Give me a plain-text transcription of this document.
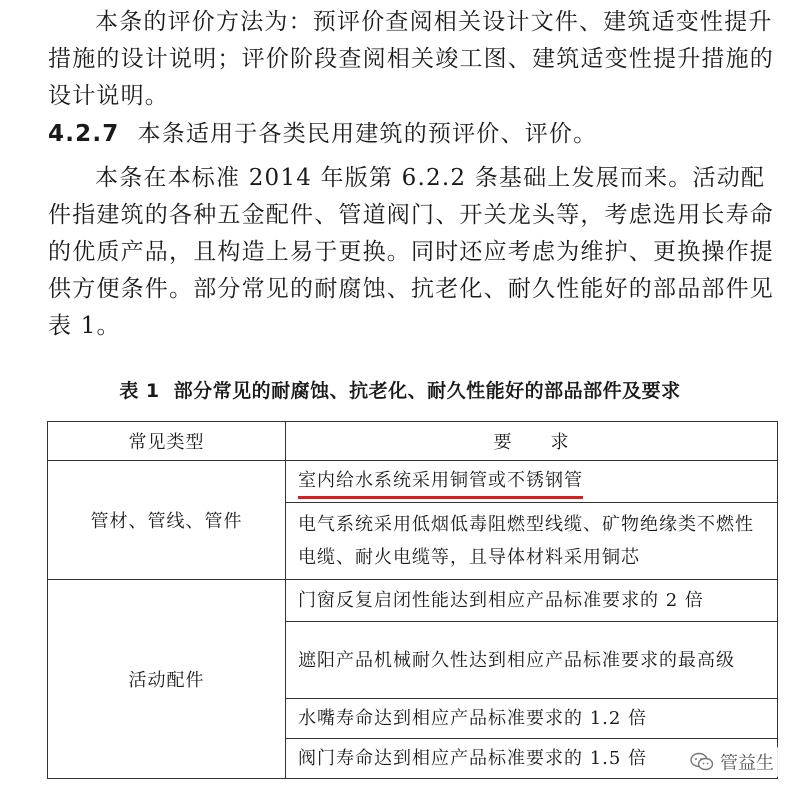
本条的评价方法为：预评价查阅相关设计文件、建筑适变性提升措施的设计说明；评价阶段查阅相关竣工图、建筑适变性提升措施的设计说明。

4.2.7 本条适用于各类民用建筑的预评价、评价。

本条在本标准 2014 年版第 6.2.2 条基础上发展而来。活动配件指建筑的各种五金配件、管道阀门、开关龙头等，考虑选用长寿命的优质产品，且构造上易于更换。同时还应考虑为维护、更换操作提供方便条件。部分常见的耐腐蚀、抗老化、耐久性能好的部品部件见表 1。

表 1 部分常见的耐腐蚀、抗老化、耐久性能好的部品部件及要求
常见类型	要　　求
管材、管线、管件	室内给水系统采用铜管或不锈钢管
	电气系统采用低烟低毒阻燃型线缆、矿物绝缘类不燃性电缆、耐火电缆等，且导体材料采用铜芯
活动配件	门窗反复启闭性能达到相应产品标准要求的 2 倍
	遮阳产品机械耐久性达到相应产品标准要求的最高级
	水嘴寿命达到相应产品标准要求的 1.2 倍
	阀门寿命达到相应产品标准要求的 1.5 倍	管益生
